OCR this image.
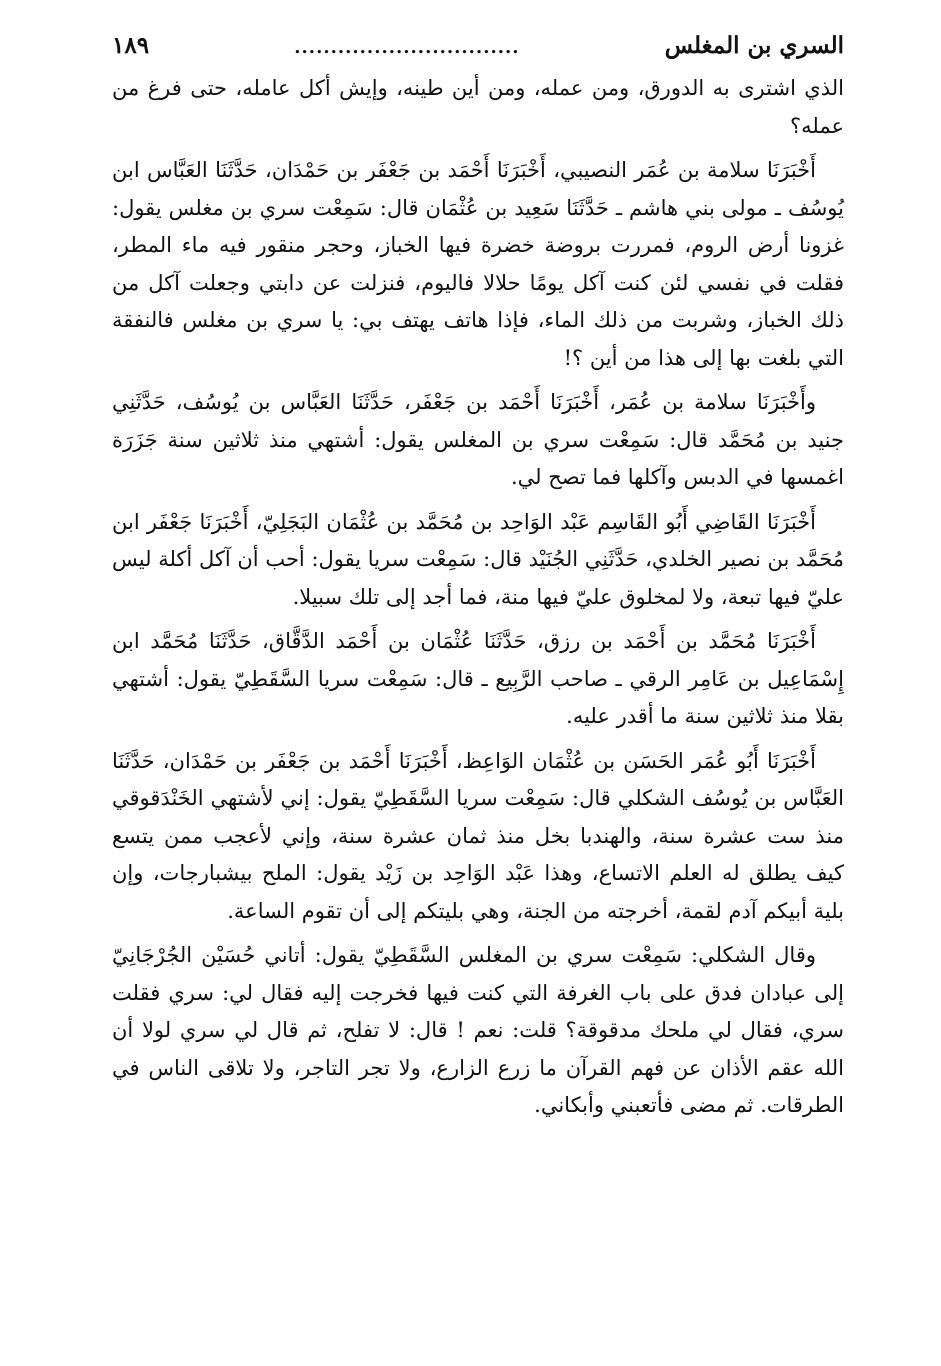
السري بن المغلس
...............................
١٨٩

الذي اشترى به الدورق، ومن عمله، ومن أين طينه، وإيش أكل عامله، حتى فرغ من عمله؟

أَخْبَرَنَا سلامة بن عُمَر النصيبي، أَخْبَرَنَا أَحْمَد بن جَعْفَر بن حَمْدَان، حَدَّثَنَا العَبَّاس ابن يُوسُف ـ مولى بني هاشم ـ حَدَّثَنَا سَعِيد بن عُثْمَان قال: سَمِعْت سري بن مغلس يقول: غزونا أرض الروم، فمررت بروضة خضرة فيها الخباز، وحجر منقور فيه ماء المطر، فقلت في نفسي لئن كنت آكل يومًا حلالا فاليوم، فنزلت عن دابتي وجعلت آكل من ذلك الخباز، وشربت من ذلك الماء، فإذا هاتف يهتف بي: يا سري بن مغلس فالنفقة التي بلغت بها إلى هذا من أين ؟!

وأَخْبَرَنَا سلامة بن عُمَر، أَخْبَرَنَا أَحْمَد بن جَعْفَر، حَدَّثَنَا العَبَّاس بن يُوسُف، حَدَّثَنِي جنيد بن مُحَمَّد قال: سَمِعْت سري بن المغلس يقول: أشتهي منذ ثلاثين سنة جَزَرَة اغمسها في الدبس وآكلها فما تصح لي.

أَخْبَرَنَا القَاضِي أَبُو القَاسِم عَبْد الوَاحِد بن مُحَمَّد بن عُثْمَان البَجَلِيّ، أَخْبَرَنَا جَعْفَر ابن مُحَمَّد بن نصير الخلدي، حَدَّثَنِي الجُنَيْد قال: سَمِعْت سريا يقول: أحب أن آكل أكلة ليس عليّ فيها تبعة، ولا لمخلوق عليّ فيها منة، فما أجد إلى تلك سبيلا.

أَخْبَرَنَا مُحَمَّد بن أَحْمَد بن رزق، حَدَّثَنَا عُثْمَان بن أَحْمَد الدَّقَّاق، حَدَّثَنَا مُحَمَّد ابن إِسْمَاعِيل بن عَامِر الرقي ـ صاحب الرَّبِيع ـ قال: سَمِعْت سريا السَّقَطِيّ يقول: أشتهي بقلا منذ ثلاثين سنة ما أقدر عليه.

أَخْبَرَنَا أَبُو عُمَر الحَسَن بن عُثْمَان الوَاعِظ، أَخْبَرَنَا أَحْمَد بن جَعْفَر بن حَمْدَان، حَدَّثَنَا العَبَّاس بن يُوسُف الشكلي قال: سَمِعْت سريا السَّقَطِيّ يقول: إني لأشتهي الخَنْدَقوقي منذ ست عشرة سنة، والهندبا بخل منذ ثمان عشرة سنة، وإني لأعجب ممن يتسع كيف يطلق له العلم الاتساع، وهذا عَبْد الوَاحِد بن زَيْد يقول: الملح بيشبارجات، وإن بلية أبيكم آدم لقمة، أخرجته من الجنة، وهي بليتكم إلى أن تقوم الساعة.

وقال الشكلي: سَمِعْت سري بن المغلس السَّقَطِيّ يقول: أتاني حُسَيْن الجُرْجَانِيّ إلى عبادان فدق على باب الغرفة التي كنت فيها فخرجت إليه فقال لي: سري فقلت سري، فقال لي ملحك مدقوقة؟ قلت: نعم ! قال: لا تفلح، ثم قال لي سري لولا أن الله عقم الأذان عن فهم القرآن ما زرع الزارع، ولا تجر التاجر، ولا تلاقى الناس في الطرقات. ثم مضى فأتعبني وأبكاني.
